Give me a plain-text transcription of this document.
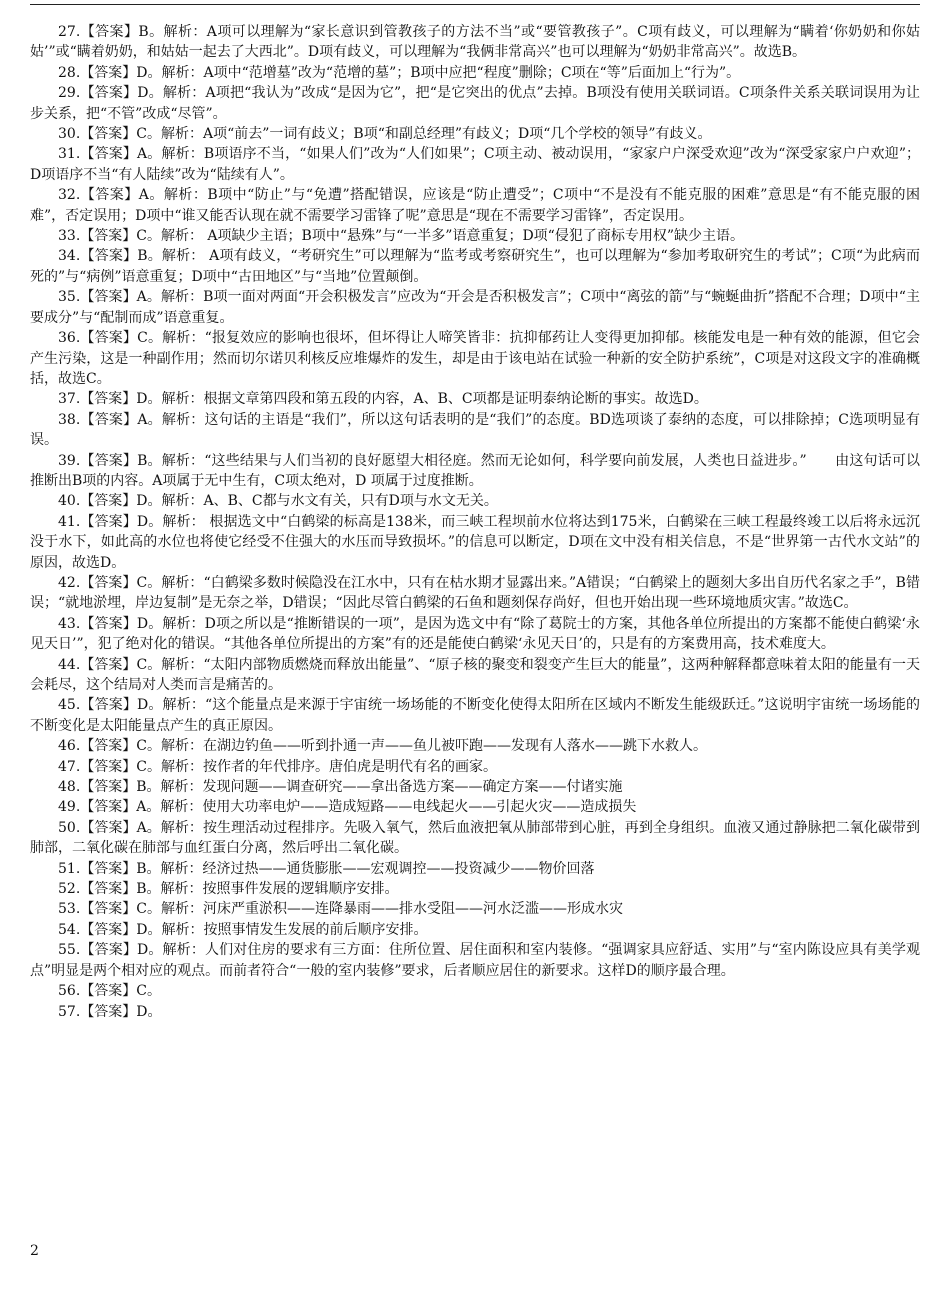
27.【答案】B。解析：A项可以理解为“家长意识到管教孩子的方法不当”或“要管教孩子”。C项有歧义，可以理解为“瞒着‘你奶奶和你姑姑’”或“瞒着奶奶，和姑姑一起去了大西北”。D项有歧义，可以理解为“我俩非常高兴”也可以理解为“奶奶非常高兴”。故选B。

28.【答案】D。解析：A项中“范增墓”改为“范增的墓”；B项中应把“程度”删除；C项在“等”后面加上“行为”。

29.【答案】D。解析：A项把“我认为”改成“是因为它”，把“是它突出的优点”去掉。B项没有使用关联词语。C项条件关系关联词误用为让步关系，把“不管”改成“尽管”。

30.【答案】C。解析：A项“前去”一词有歧义；B项“和副总经理”有歧义；D项“几个学校的领导”有歧义。

31.【答案】A。解析：B项语序不当，“如果人们”改为“人们如果”；C项主动、被动误用，“家家户户深受欢迎”改为“深受家家户户欢迎”；D项语序不当“有人陆续”改为“陆续有人”。

32.【答案】A。解析：B项中“防止”与“免遭”搭配错误，应该是“防止遭受”；C项中“不是没有不能克服的困难”意思是“有不能克服的困难”，否定误用；D项中“谁又能否认现在就不需要学习雷锋了呢”意思是“现在不需要学习雷锋”，否定误用。

33.【答案】C。解析： A项缺少主语；B项中“悬殊”与“一半多”语意重复；D项“侵犯了商标专用权”缺少主语。

34.【答案】B。解析： A项有歧义，“考研究生”可以理解为“监考或考察研究生”，也可以理解为“参加考取研究生的考试”；C项“为此病而死的”与“病例”语意重复；D项中“古田地区”与“当地”位置颠倒。

35.【答案】A。解析：B项一面对两面“开会积极发言”应改为“开会是否积极发言”；C项中“离弦的箭”与“蜿蜒曲折”搭配不合理；D项中“主要成分”与“配制而成”语意重复。

36.【答案】C。解析：“报复效应的影响也很坏，但坏得让人啼笑皆非：抗抑郁药让人变得更加抑郁。核能发电是一种有效的能源，但它会产生污染，这是一种副作用；然而切尔诺贝利核反应堆爆炸的发生，却是由于该电站在试验一种新的安全防护系统”，C项是对这段文字的准确概括，故选C。

37.【答案】D。解析：根据文章第四段和第五段的内容，A、B、C项都是证明泰纳论断的事实。故选D。

38.【答案】A。解析：这句话的主语是“我们”，所以这句话表明的是“我们”的态度。BD选项谈了泰纳的态度，可以排除掉；C选项明显有误。

39.【答案】B。解析：“这些结果与人们当初的良好愿望大相径庭。然而无论如何，科学要向前发展，人类也日益进步。”　　由这句话可以推断出B项的内容。A项属于无中生有，C项太绝对，D 项属于过度推断。

40.【答案】D。解析：A、B、C都与水文有关，只有D项与水文无关。

41.【答案】D。解析： 根据选文中“白鹤梁的标高是138米，而三峡工程坝前水位将达到175米，白鹤梁在三峡工程最终竣工以后将永远沉没于水下，如此高的水位也将使它经受不住强大的水压而导致损坏。”的信息可以断定，D项在文中没有相关信息，不是“世界第一古代水文站”的原因，故选D。

42.【答案】C。解析：“白鹤梁多数时候隐没在江水中，只有在枯水期才显露出来。”A错误；“白鹤梁上的题刻大多出自历代名家之手”，B错误；“就地淤埋，岸边复制”是无奈之举，D错误；“因此尽管白鹤梁的石鱼和题刻保存尚好，但也开始出现一些环境地质灾害。”故选C。

43.【答案】D。解析：D项之所以是“推断错误的一项”，是因为选文中有“除了葛院士的方案，其他各单位所提出的方案都不能使白鹤梁‘永见天日’”，犯了绝对化的错误。“其他各单位所提出的方案”有的还是能使白鹤梁‘永见天日’的，只是有的方案费用高，技术难度大。

44.【答案】C。解析：“太阳内部物质燃烧而释放出能量”、“原子核的聚变和裂变产生巨大的能量”，这两种解释都意味着太阳的能量有一天会耗尽，这个结局对人类而言是痛苦的。

45.【答案】D。解析：“这个能量点是来源于宇宙统一场场能的不断变化使得太阳所在区域内不断发生能级跃迁。”这说明宇宙统一场场能的不断变化是太阳能量点产生的真正原因。

46.【答案】C。解析：在湖边钓鱼——听到扑通一声——鱼儿被吓跑——发现有人落水——跳下水救人。

47.【答案】C。解析：按作者的年代排序。唐伯虎是明代有名的画家。

48.【答案】B。解析：发现问题——调查研究——拿出备选方案——确定方案——付诸实施

49.【答案】A。解析：使用大功率电炉——造成短路——电线起火——引起火灾——造成损失

50.【答案】A。解析：按生理活动过程排序。先吸入氧气，然后血液把氧从肺部带到心脏，再到全身组织。血液又通过静脉把二氧化碳带到肺部，二氧化碳在肺部与血红蛋白分离，然后呼出二氧化碳。

51.【答案】B。解析：经济过热——通货膨胀——宏观调控——投资减少——物价回落

52.【答案】B。解析：按照事件发展的逻辑顺序安排。

53.【答案】C。解析：河床严重淤积——连降暴雨——排水受阻——河水泛滥——形成水灾

54.【答案】D。解析：按照事情发生发展的前后顺序安排。

55.【答案】D。解析：人们对住房的要求有三方面：住所位置、居住面积和室内装修。“强调家具应舒适、实用”与“室内陈设应具有美学观点”明显是两个相对应的观点。而前者符合“一般的室内装修”要求，后者顺应居住的新要求。这样D的顺序最合理。

56.【答案】C。

57.【答案】D。

2
